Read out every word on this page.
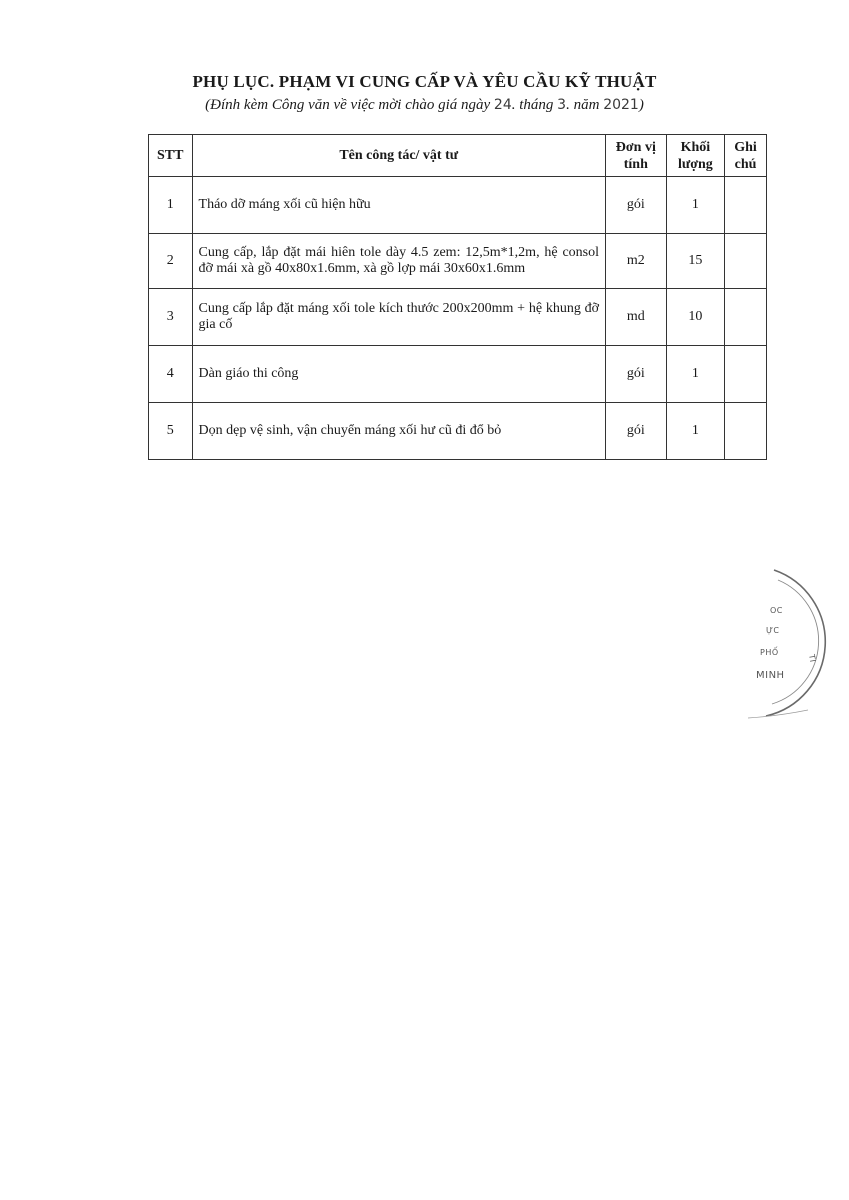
PHỤ LỤC. PHẠM VI CUNG CẤP VÀ YÊU CẦU KỸ THUẬT
(Đính kèm Công văn về việc mời chào giá ngày 24. tháng 3. năm 2021)
STT	Tên công tác/ vật tư	Đơn vị tính	Khối lượng	Ghi chú
1	Tháo dỡ máng xối cũ hiện hữu	gói	1	
2	Cung cấp, lắp đặt mái hiên tole dày 4.5 zem: 12,5m*1,2m, hệ consol đỡ mái xà gồ 40x80x1.6mm, xà gồ lợp mái 30x60x1.6mm	m2	15	
3	Cung cấp lắp đặt máng xối tole kích thước 200x200mm + hệ khung đỡ gia cố	md	10	
4	Dàn giáo thi công	gói	1	
5	Dọn dẹp vệ sinh, vận chuyển máng xối hư cũ đi đổ bỏ	gói	1	
OC
ỰC
PHỐ
MINH
TI
